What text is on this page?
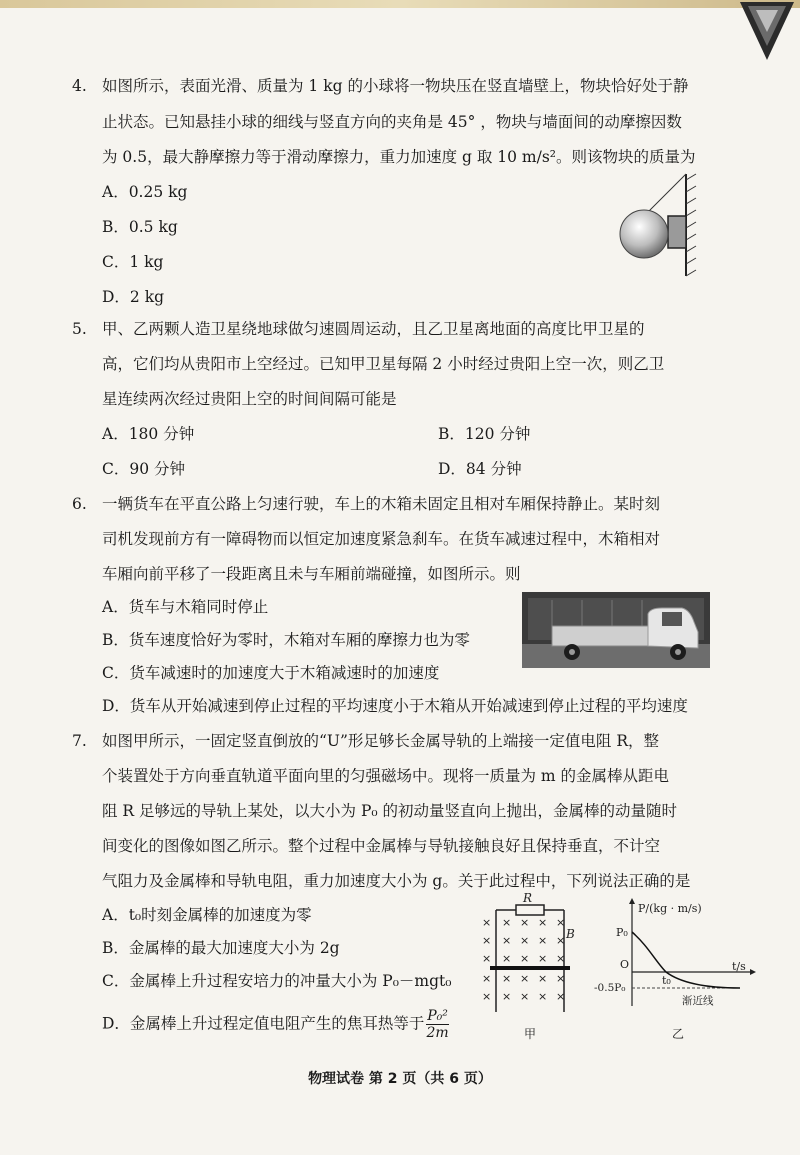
4. 如图所示，表面光滑、质量为 1 kg 的小球将一物块压在竖直墙壁上，物块恰好处于静
止状态。已知悬挂小球的细线与竖直方向的夹角是 45° ，物块与墙面间的动摩擦因数
为 0.5，最大静摩擦力等于滑动摩擦力，重力加速度 g 取 10 m/s²。则该物块的质量为
A．0.25 kg
B．0.5 kg
C．1 kg
D．2 kg
5. 甲、乙两颗人造卫星绕地球做匀速圆周运动，且乙卫星离地面的高度比甲卫星的
高，它们均从贵阳市上空经过。已知甲卫星每隔 2 小时经过贵阳上空一次，则乙卫
星连续两次经过贵阳上空的时间间隔可能是
A．180 分钟	B．120 分钟
C．90 分钟	D．84 分钟
6. 一辆货车在平直公路上匀速行驶，车上的木箱未固定且相对车厢保持静止。某时刻
司机发现前方有一障碍物而以恒定加速度紧急刹车。在货车减速过程中，木箱相对
车厢向前平移了一段距离且未与车厢前端碰撞，如图所示。则
A．货车与木箱同时停止
B．货车速度恰好为零时，木箱对车厢的摩擦力也为零
C．货车减速时的加速度大于木箱减速时的加速度
D．货车从开始减速到停止过程的平均速度小于木箱从开始减速到停止过程的平均速度
7. 如图甲所示，一固定竖直倒放的“U”形足够长金属导轨的上端接一定值电阻 R，整
个装置处于方向垂直轨道平面向里的匀强磁场中。现将一质量为 m 的金属棒从距电
阻 R 足够远的导轨上某处，以大小为 P₀ 的初动量竖直向上抛出，金属棒的动量随时
间变化的图像如图乙所示。整个过程中金属棒与导轨接触良好且保持垂直，不计空
气阻力及金属棒和导轨电阻，重力加速度大小为 g。关于此过程中，下列说法正确的是
A．t₀时刻金属棒的加速度为零
B．金属棒的最大加速度大小为 2g
C．金属棒上升过程安培力的冲量大小为 P₀－mgt₀
D．金属棒上升过程定值电阻产生的焦耳热等于 $\frac{\text{P₀²}}{2m}$
× × × × ×
× × × × ×
× × × × ×
× × × × ×
× × × × ×
R
B
甲
P/(kg · m/s)
t/s
P₀
O
t₀
-0.5P₀
渐近线
乙
物理试卷 第 2 页（共 6 页）
